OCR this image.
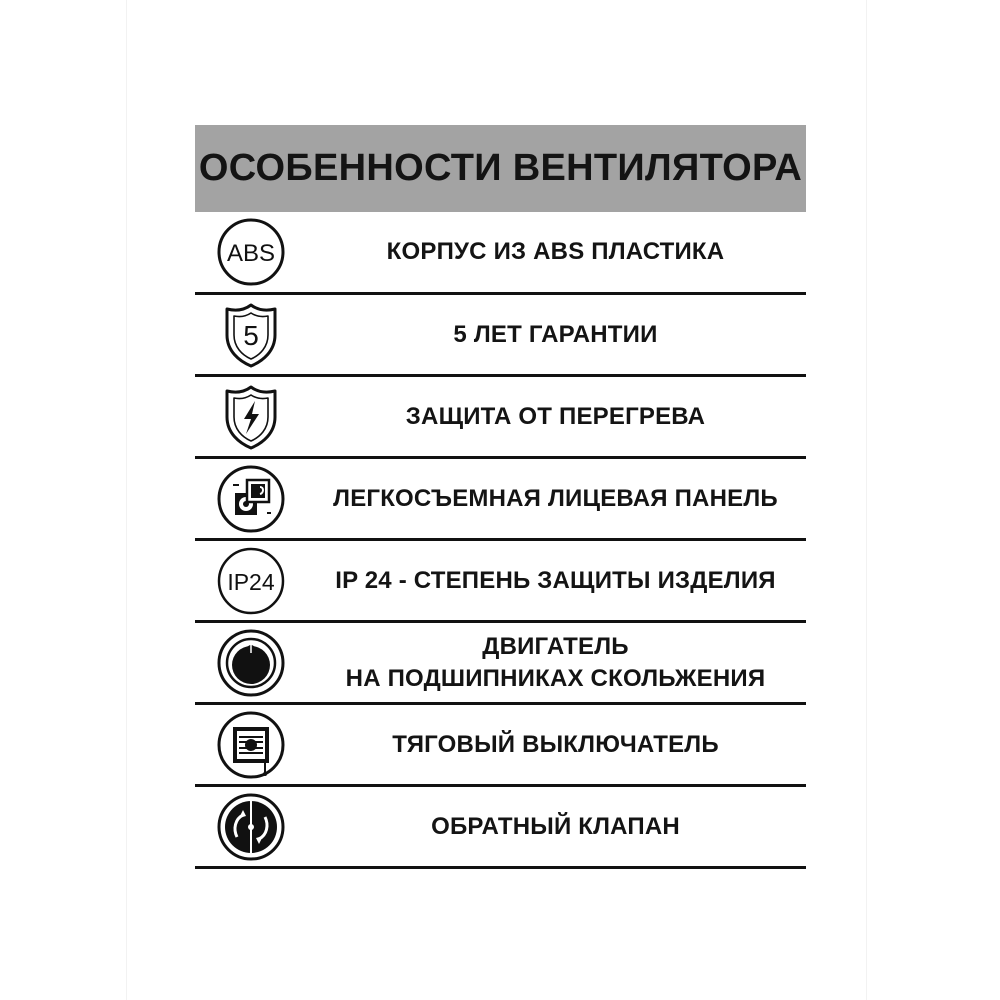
ОСОБЕННОСТИ ВЕНТИЛЯТОРА
ABS	КОРПУС ИЗ ABS ПЛАСТИКА
5	5 ЛЕТ ГАРАНТИИ
ЗАЩИТА ОТ ПЕРЕГРЕВА
ЛЕГКОСЪЕМНАЯ ЛИЦЕВАЯ ПАНЕЛЬ
IP24	IP 24 - СТЕПЕНЬ ЗАЩИТЫ ИЗДЕЛИЯ
ДВИГАТЕЛЬ
НА ПОДШИПНИКАХ СКОЛЬЖЕНИЯ
ТЯГОВЫЙ ВЫКЛЮЧАТЕЛЬ
ОБРАТНЫЙ КЛАПАН
